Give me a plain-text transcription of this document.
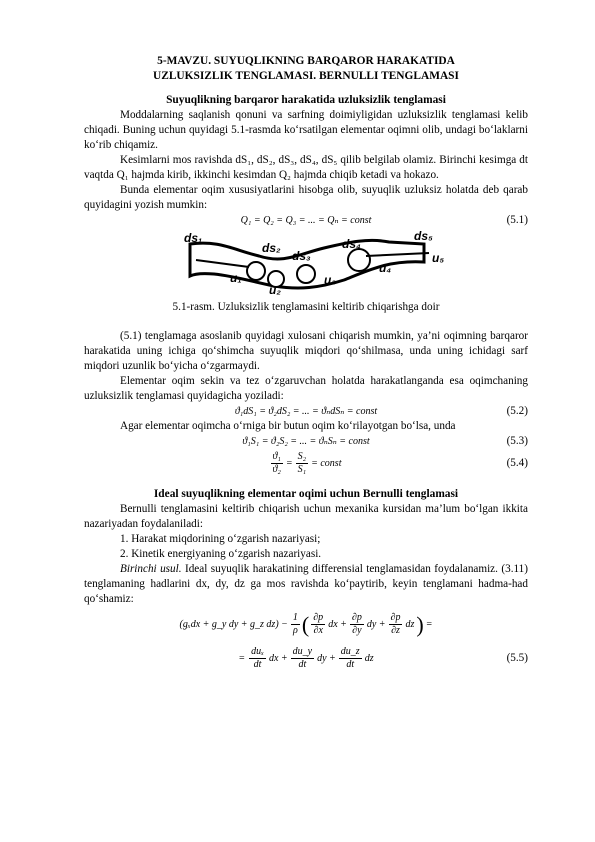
5-MAVZU. SUYUQLIKNING BARQAROR HARAKATIDA
UZLUKSIZLIK TENGLAMASI. BERNULLI TENGLAMASI
Suyuqlikning barqaror harakatida uzluksizlik tenglamasi

Moddalarning saqlanish qonuni va sarfning doimiyligidan uzluksizlik tenglamasi kelib chiqadi. Buning uchun quyidagi 5.1-rasmda ko‘rsatilgan elementar oqimni olib, undagi bo‘laklarni ko‘rib chiqamiz.

Kesimlarni mos ravishda dS₁, dS₂, dS₃, dS₄, dS₅ qilib belgilab olamiz. Birinchi kesimga dt vaqtda Q₁ hajmda kirib, ikkinchi kesimdan Q₂ hajmda chiqib ketadi va hokazo.

Bunda elementar oqim xususiyatlarini hisobga olib, suyuqlik uzluksiz holatda deb qarab quyidagini yozish mumkin:

Q₁ = Q₂ = Q₃ = ... = Qₙ = const	(5.1)
ds₁
ds₂
ds₃
ds₄
ds₅
u₁
u₂
u₃
u₄
u₅
5.1-rasm. Uzluksizlik tenglamasini keltirib chiqarishga doir

(5.1) tenglamaga asoslanib quyidagi xulosani chiqarish mumkin, ya’ni oqimning barqaror harakatida uning ichiga qo‘shimcha suyuqlik miqdori qo‘shilmasa, unda uning ichidagi sarf miqdori uzunlik bo‘yicha o‘zgarmaydi.

Elementar oqim sekin va tez o‘zgaruvchan holatda harakatlanganda esa oqimchaning uzluksizlik tenglamasi quyidagicha yoziladi:

ϑ₁dS₁ = ϑ₂dS₂ = ... = ϑₙdSₙ = const	(5.2)

Agar elementar oqimcha o‘rniga bir butun oqim ko‘rilayotgan bo‘lsa, unda

ϑ₁S₁ = ϑ₂S₂ = ... = ϑₙSₙ = const	(5.3)
$\frac{\text{ϑ₁}}{\text{ϑ₂}} = \frac{\text{S₂}}{\text{S₁}}$ = const	(5.4)
Ideal suyuqlikning elementar oqimi uchun Bernulli tenglamasi

Bernulli tenglamasini keltirib chiqarish uchun mexanika kursidan ma’lum bo‘lgan ikkita nazariyadan foydalaniladi:

1. Harakat miqdorining o‘zgarish nazariyasi;
2. Kinetik energiyaning o‘zgarish nazariyasi.

Birinchi usul. Ideal suyuqlik harakatining differensial tenglamasidan foydalanamiz. (3.11) tenglamaning hadlarini dx, dy, dz ga mos ravishda ko‘paytirib, keyin tenglamani hadma-had qo‘shamiz:

(gₓdx + g_y dy + g_z $dz) - \frac{1}{\rho}$ ( $\frac{\partial p}{\partial x}$ dx + $\frac{\partial p}{\partial y}$ dy + $\frac{\partial p}{\partial z}$ dz ) =
= $\frac{\text{duₓ}}{dt}$ dx + $\frac{du\_y}{dt}$ dy + $\frac{du\_z}{dt}$ dz	(5.5)
